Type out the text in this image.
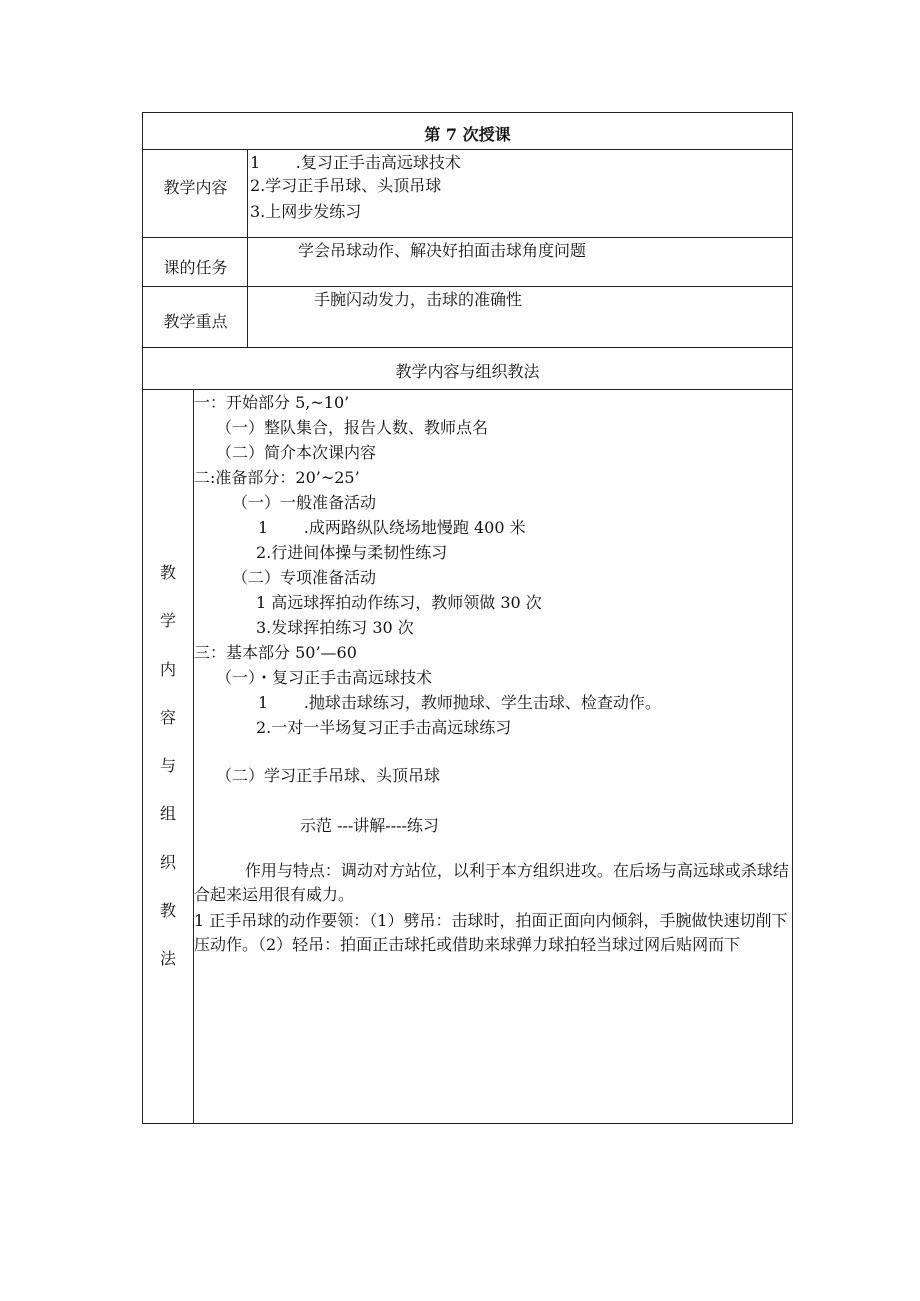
第 7 次授课
教学内容
1       .复习正手击高远球技术
2.学习正手吊球、头顶吊球
3.上网步发练习
课的任务
学会吊球动作、解决好拍面击球角度问题
教学重点
手腕闪动发力，击球的准确性
教学内容与组织教法
教
学
内
容
与
组
织
教
法
一：开始部分 5,~10’
（一）整队集合，报告人数、教师点名
（二）简介本次课内容
二:准备部分：20’~25’
（一）一般准备活动
1       .成两路纵队绕场地慢跑 400 米
2.行进间体操与柔韧性练习
（二）专项准备活动
1 高远球挥拍动作练习，教师领做 30 次
3.发球挥拍练习 30 次
三：基本部分 50’—60
（一）・复习正手击高远球技术
1       .抛球击球练习，教师抛球、学生击球、检查动作。
2.一对一半场复习正手击高远球练习
（二）学习正手吊球、头顶吊球
示范 ---讲解----练习
作用与特点：调动对方站位，以利于本方组织进攻。在后场与高远球或杀球结合起来运用很有威力。
1 正手吊球的动作要领：（1）劈吊：击球时，拍面正面向内倾斜，手腕做快速切削下压动作。（2）轻吊：拍面正击球托或借助来球弹力球拍轻当球过网后贴网而下
